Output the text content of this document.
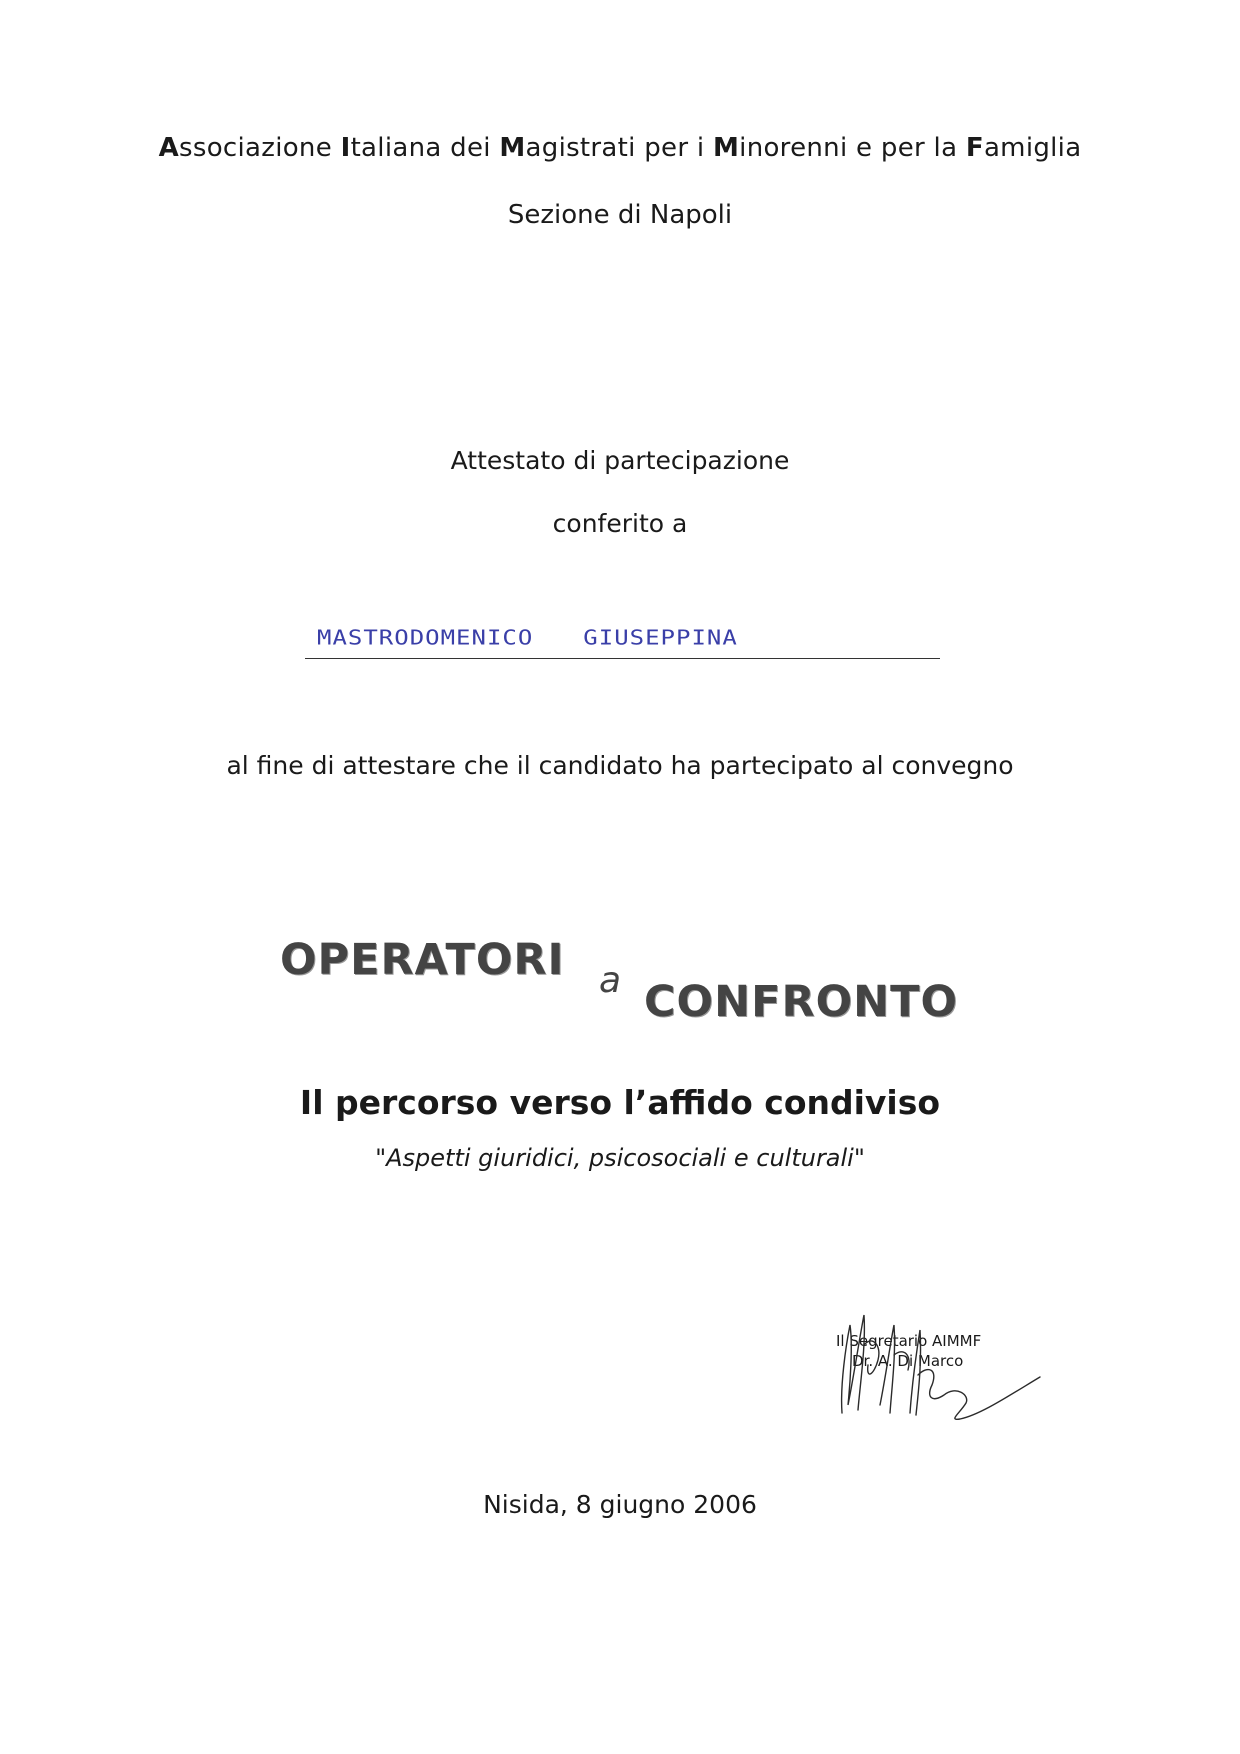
Associazione Italiana dei Magistrati per i Minorenni e per la Famiglia
Sezione di Napoli
Attestato di partecipazione
conferito a
MASTRODOMENICO GIUSEPPINA
al fine di attestare che il candidato ha partecipato al convegno
OPERATORI a CONFRONTO
Il percorso verso l’affido condiviso
"Aspetti giuridici, psicosociali e culturali"
Il Segretario AIMMF
Dr. A. Di Marco
Nisida, 8 giugno 2006
